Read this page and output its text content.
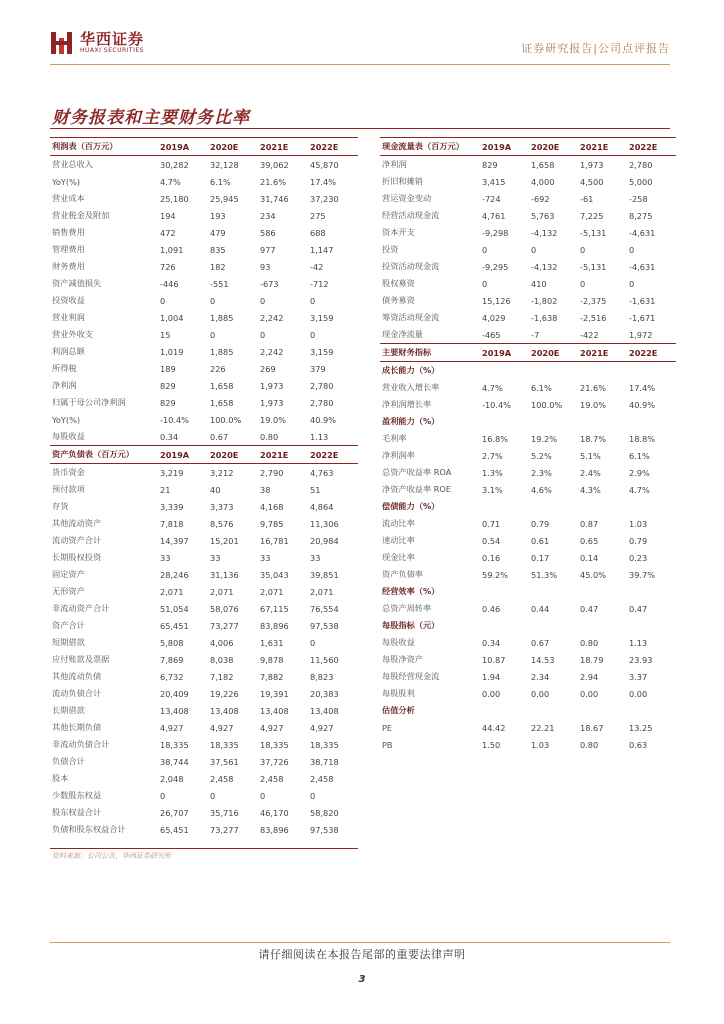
华西证券
HUAXI SECURITIES	证券研究报告|公司点评报告
财务报表和主要财务比率
利润表（百万元）	2019A	2020E	2021E	2022E
营业总收入	30,282	32,128	39,062	45,870
YoY(%)	4.7%	6.1%	21.6%	17.4%
营业成本	25,180	25,945	31,746	37,230
营业税金及附加	194	193	234	275
销售费用	472	479	586	688
管理费用	1,091	835	977	1,147
财务费用	726	182	93	-42
资产减值损失	-446	-551	-673	-712
投资收益	0	0	0	0
营业利润	1,004	1,885	2,242	3,159
营业外收支	15	0	0	0
利润总额	1,019	1,885	2,242	3,159
所得税	189	226	269	379
净利润	829	1,658	1,973	2,780
归属于母公司净利润	829	1,658	1,973	2,780
YoY(%)	-10.4%	100.0%	19.0%	40.9%
每股收益	0.34	0.67	0.80	1.13
资产负债表（百万元）	2019A	2020E	2021E	2022E
货币资金	3,219	3,212	2,790	4,763
预付款项	21	40	38	51
存货	3,339	3,373	4,168	4,864
其他流动资产	7,818	8,576	9,785	11,306
流动资产合计	14,397	15,201	16,781	20,984
长期股权投资	33	33	33	33
固定资产	28,246	31,136	35,043	39,851
无形资产	2,071	2,071	2,071	2,071
非流动资产合计	51,054	58,076	67,115	76,554
资产合计	65,451	73,277	83,896	97,538
短期借款	5,808	4,006	1,631	0
应付账款及票据	7,869	8,038	9,878	11,560
其他流动负债	6,732	7,182	7,882	8,823
流动负债合计	20,409	19,226	19,391	20,383
长期借款	13,408	13,408	13,408	13,408
其他长期负债	4,927	4,927	4,927	4,927
非流动负债合计	18,335	18,335	18,335	18,335
负债合计	38,744	37,561	37,726	38,718
股本	2,048	2,458	2,458	2,458
少数股东权益	0	0	0	0
股东权益合计	26,707	35,716	46,170	58,820
负债和股东权益合计	65,451	73,277	83,896	97,538
现金流量表（百万元）	2019A	2020E	2021E	2022E
净利润	829	1,658	1,973	2,780
折旧和摊销	3,415	4,000	4,500	5,000
营运资金变动	-724	-692	-61	-258
经营活动现金流	4,761	5,763	7,225	8,275
资本开支	-9,298	-4,132	-5,131	-4,631
投资	0	0	0	0
投资活动现金流	-9,295	-4,132	-5,131	-4,631
股权募资	0	410	0	0
债务募资	15,126	-1,802	-2,375	-1,631
筹资活动现金流	4,029	-1,638	-2,516	-1,671
现金净流量	-465	-7	-422	1,972
主要财务指标	2019A	2020E	2021E	2022E
成长能力（%）				
营业收入增长率	4.7%	6.1%	21.6%	17.4%
净利润增长率	-10.4%	100.0%	19.0%	40.9%
盈利能力（%）				
毛利率	16.8%	19.2%	18.7%	18.8%
净利润率	2.7%	5.2%	5.1%	6.1%
总资产收益率 ROA	1.3%	2.3%	2.4%	2.9%
净资产收益率 ROE	3.1%	4.6%	4.3%	4.7%
偿债能力（%）				
流动比率	0.71	0.79	0.87	1.03
速动比率	0.54	0.61	0.65	0.79
现金比率	0.16	0.17	0.14	0.23
资产负债率	59.2%	51.3%	45.0%	39.7%
经营效率（%）				
总资产周转率	0.46	0.44	0.47	0.47
每股指标（元）				
每股收益	0.34	0.67	0.80	1.13
每股净资产	10.87	14.53	18.79	23.93
每股经营现金流	1.94	2.34	2.94	3.37
每股股利	0.00	0.00	0.00	0.00
估值分析				
PE	44.42	22.21	18.67	13.25
PB	1.50	1.03	0.80	0.63
资料来源：公司公告，华西证券研究所
请仔细阅读在本报告尾部的重要法律声明
3
